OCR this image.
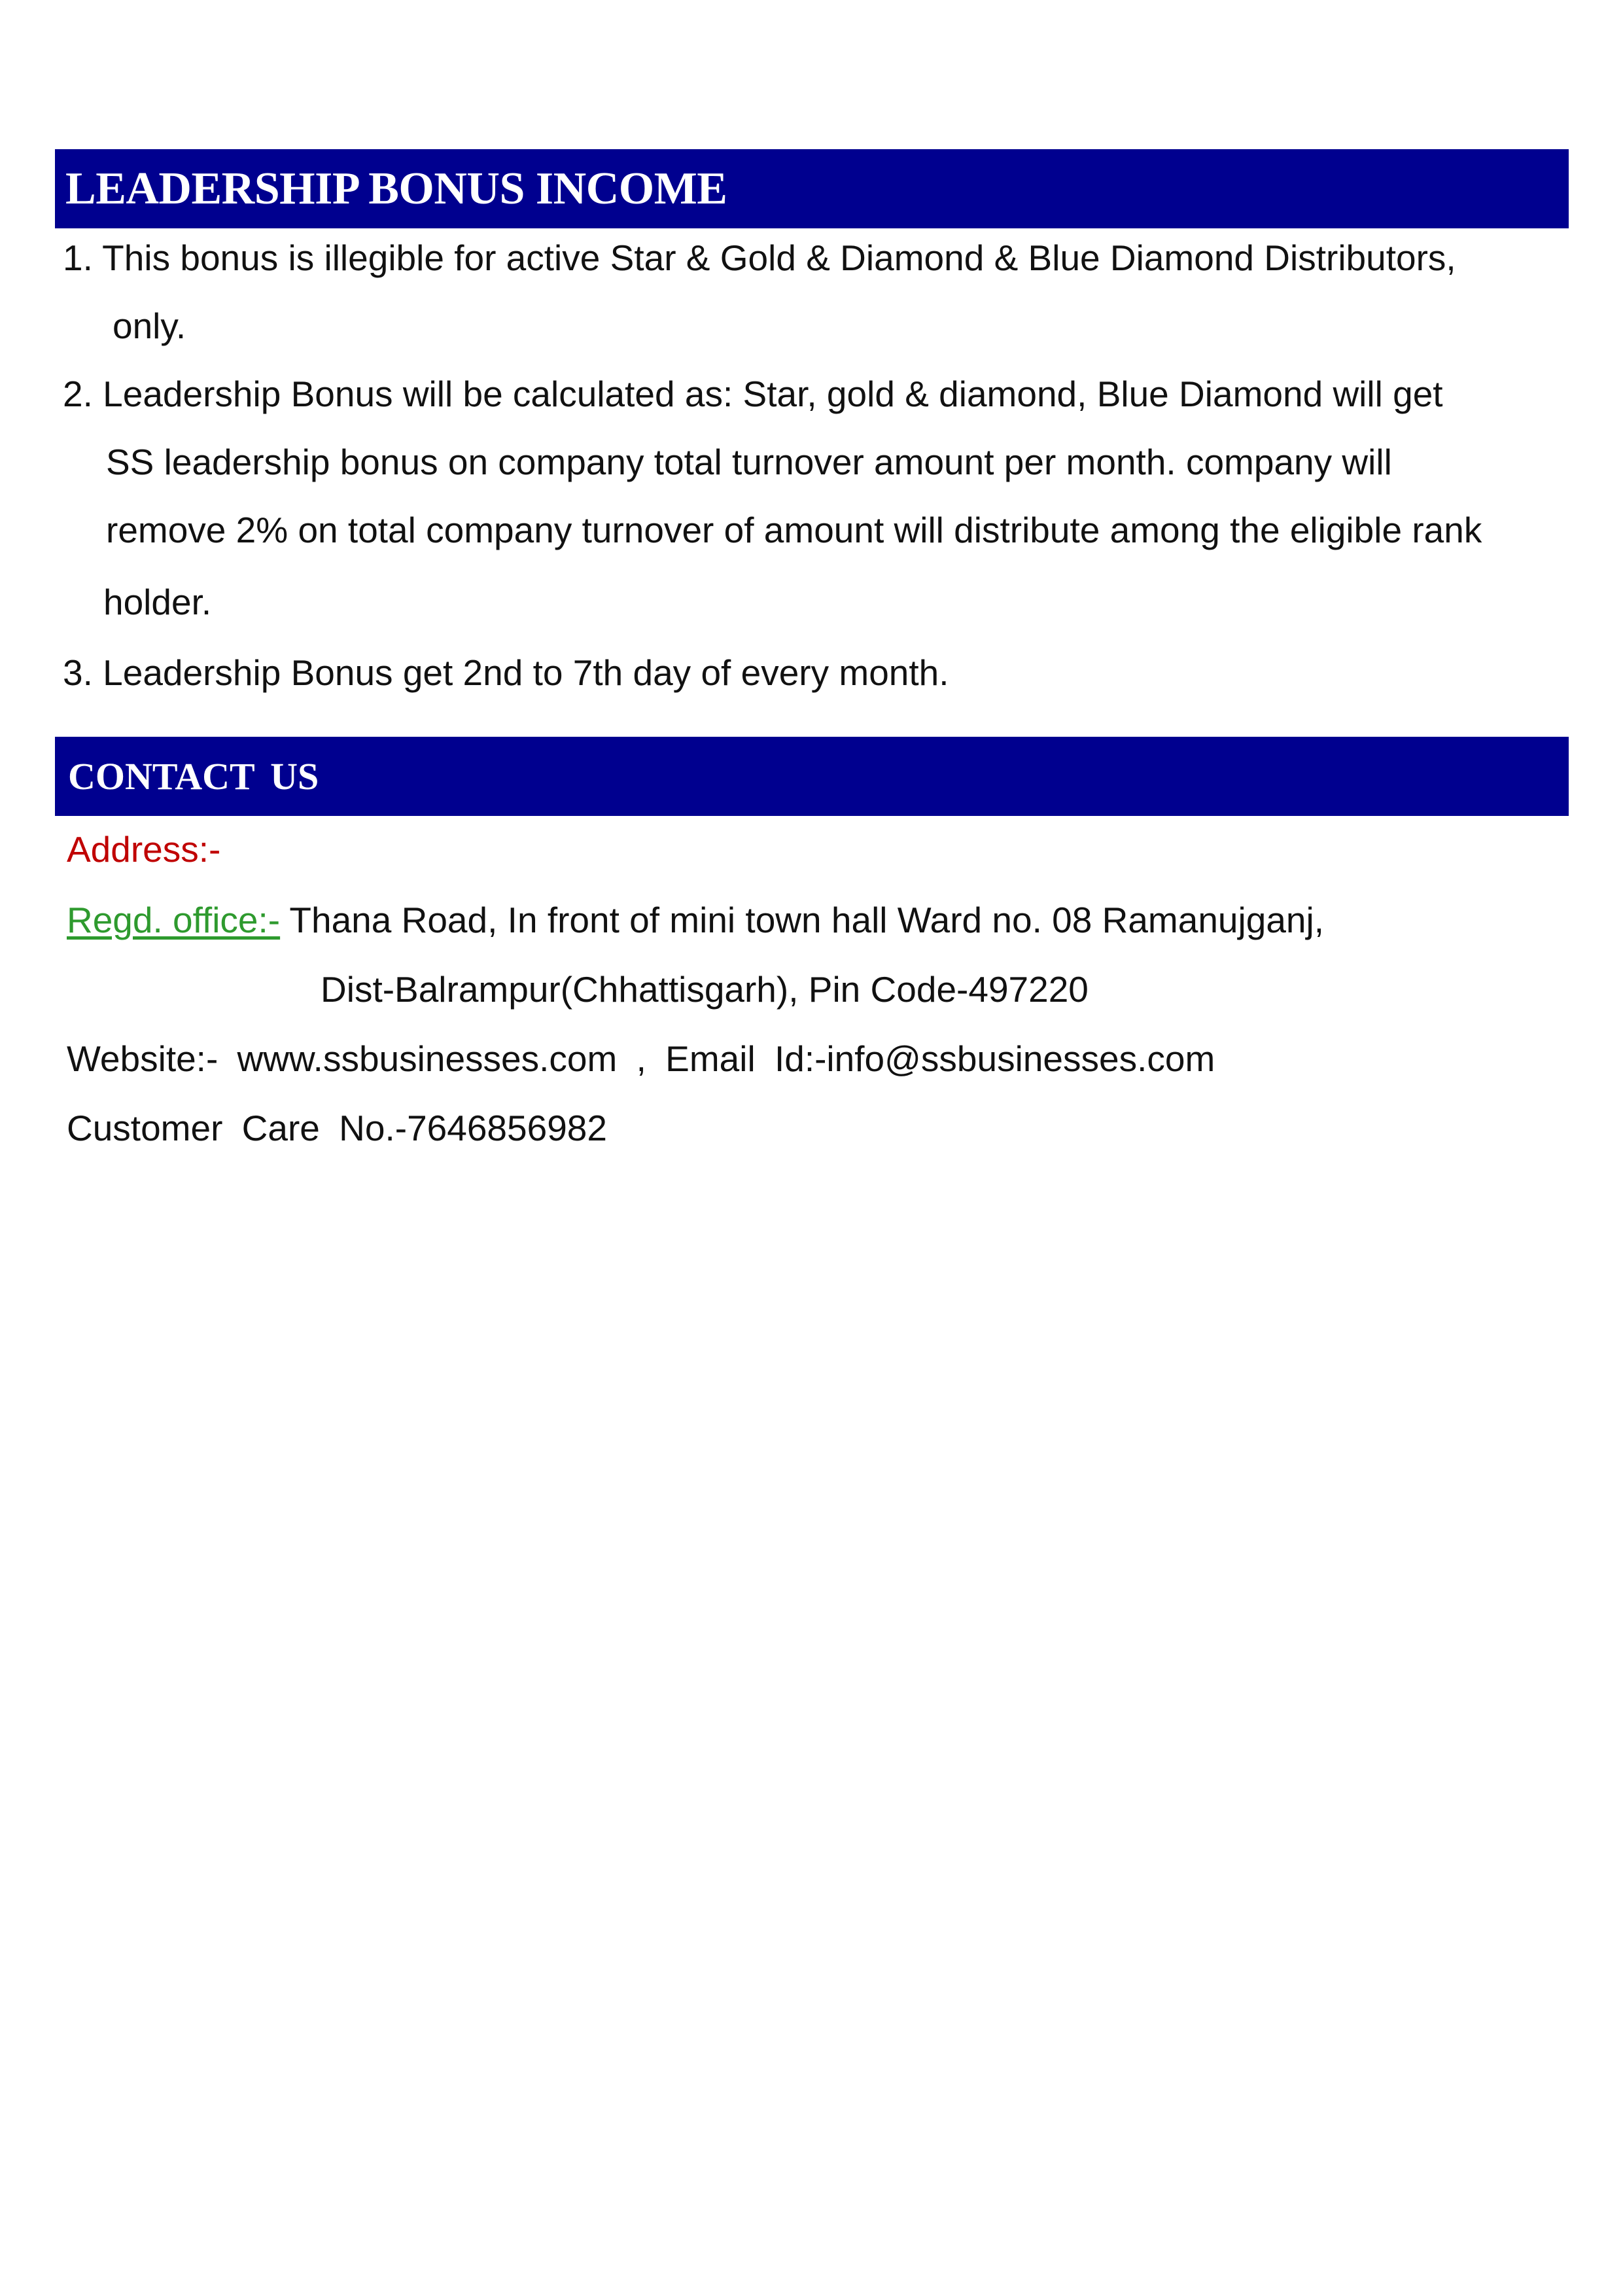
LEADERSHIP BONUS INCOME
1. This bonus is illegible for active Star & Gold & Diamond & Blue Diamond Distributors,
only.
2. Leadership Bonus will be calculated as: Star, gold & diamond, Blue Diamond will get
SS leadership bonus on company total turnover amount per month. company will
remove 2% on total company turnover of amount will distribute among the eligible rank
holder.
3. Leadership Bonus get 2nd to 7th day of every month.
CONTACT US
Address:-
Regd. office:- Thana Road, In front of mini town hall Ward no. 08 Ramanujganj,
Dist-Balrampur(Chhattisgarh), Pin Code-497220
Website:- www.ssbusinesses.com , Email Id:-info@ssbusinesses.com
Customer Care No.-7646856982
